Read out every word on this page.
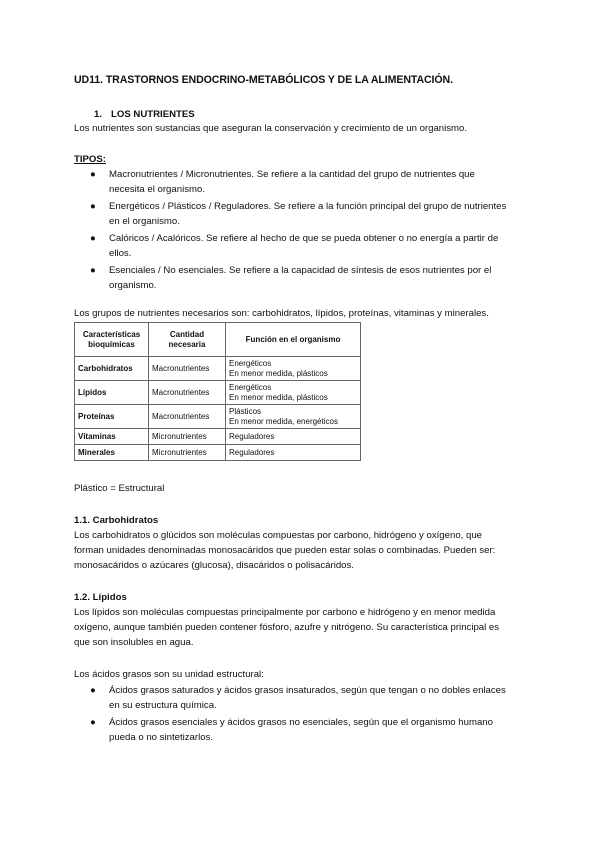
UD11. TRASTORNOS ENDOCRINO-METABÓLICOS Y DE LA ALIMENTACIÓN.
1. LOS NUTRIENTES
Los nutrientes son sustancias que aseguran la conservación y crecimiento de un organismo.
TIPOS:
● Macronutrientes / Micronutrientes. Se refiere a la cantidad del grupo de nutrientes que
necesita el organismo.
● Energéticos / Plásticos / Reguladores. Se refiere a la función principal del grupo de nutrientes
en el organismo.
● Calóricos / Acalóricos. Se refiere al hecho de que se pueda obtener o no energía a partir de
ellos.
● Esenciales / No esenciales. Se refiere a la capacidad de síntesis de esos nutrientes por el
organismo.
Los grupos de nutrientes necesarios son: carbohidratos, lípidos, proteínas, vitaminas y minerales.
Características bioquímicas	Cantidad necesaria	Función en el organismo
Carbohidratos	Macronutrientes	Energéticos
En menor medida, plásticos

Lípidos	Macronutrientes	Energéticos
En menor medida, plásticos

Proteínas	Macronutrientes	Plásticos
En menor medida, energéticos

Vitaminas	Micronutrientes	Reguladores
Minerales	Micronutrientes	Reguladores
Plástico = Estructural
1.1. Carbohidratos
Los carbohidratos o glúcidos son moléculas compuestas por carbono, hidrógeno y oxígeno, que
forman unidades denominadas monosacáridos que pueden estar solas o combinadas. Pueden ser:
monosacáridos o azúcares (glucosa), disacáridos o polisacáridos.
1.2. Lípidos
Los lípidos son moléculas compuestas principalmente por carbono e hidrógeno y en menor medida
oxígeno, aunque también pueden contener fósforo, azufre y nitrógeno. Su característica principal es
que son insolubles en agua.
Los ácidos grasos son su unidad estructural:
● Ácidos grasos saturados y ácidos grasos insaturados, según que tengan o no dobles enlaces
en su estructura química.
● Ácidos grasos esenciales y ácidos grasos no esenciales, según que el organismo humano
pueda o no sintetizarlos.
